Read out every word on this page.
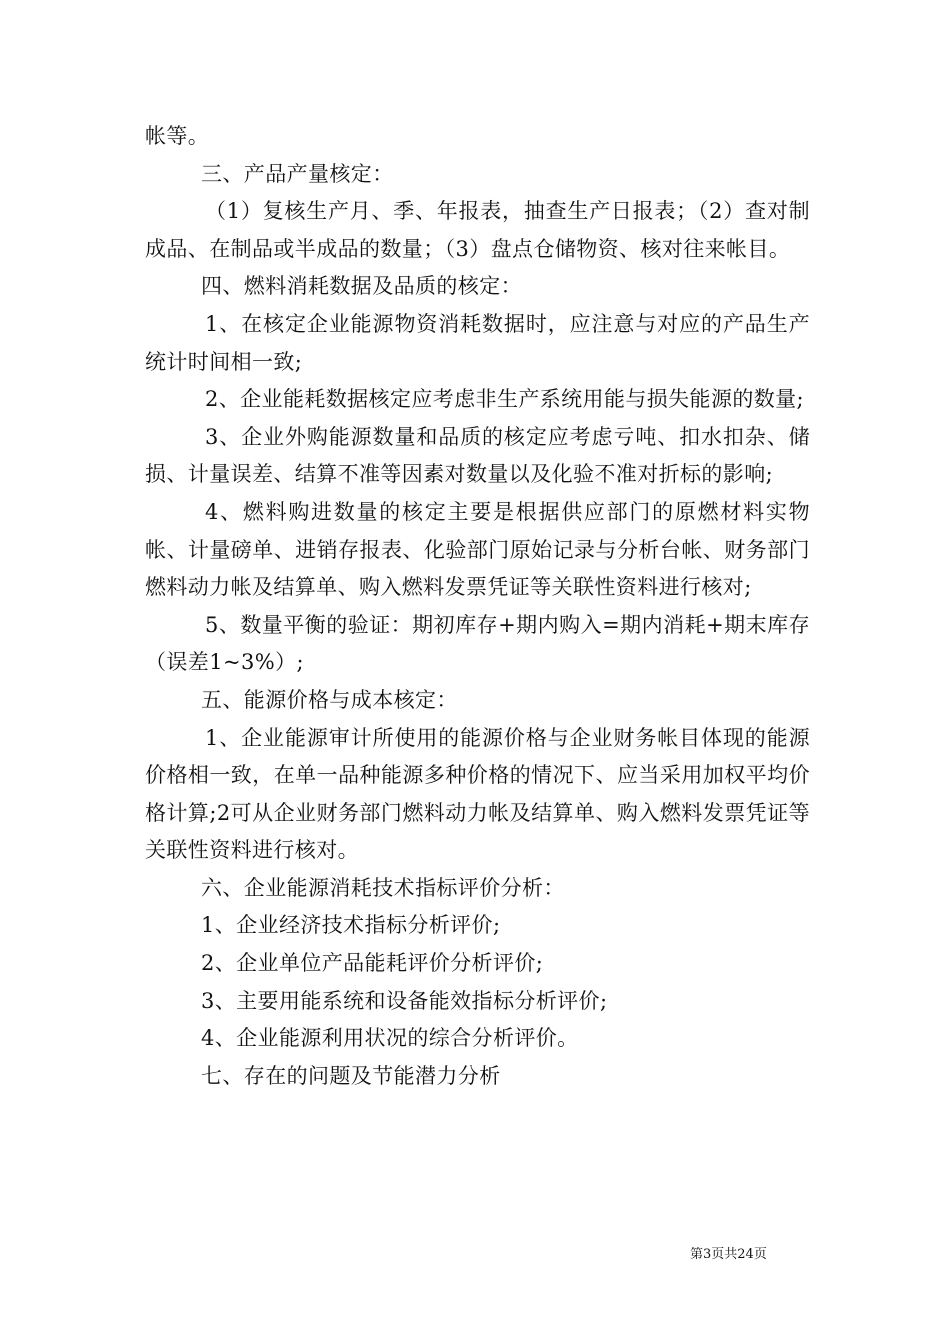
帐等。

三、产品产量核定：

（1）复核生产月、季、年报表，抽查生产日报表；（2）查对制成品、在制品或半成品的数量；（3）盘点仓储物资、核对往来帐目。

四、燃料消耗数据及品质的核定：

1、在核定企业能源物资消耗数据时，应注意与对应的产品生产统计时间相一致;

2、企业能耗数据核定应考虑非生产系统用能与损失能源的数量;

3、企业外购能源数量和品质的核定应考虑亏吨、扣水扣杂、储损、计量误差、结算不准等因素对数量以及化验不准对折标的影响;

4、燃料购进数量的核定主要是根据供应部门的原燃材料实物帐、计量磅单、进销存报表、化验部门原始记录与分析台帐、财务部门燃料动力帐及结算单、购入燃料发票凭证等关联性资料进行核对;

5、数量平衡的验证：期初库存+期内购入=期内消耗+期末库存（误差1~3%）;

五、能源价格与成本核定：

1、企业能源审计所使用的能源价格与企业财务帐目体现的能源价格相一致，在单一品种能源多种价格的情况下、应当采用加权平均价格计算;2可从企业财务部门燃料动力帐及结算单、购入燃料发票凭证等关联性资料进行核对。

六、企业能源消耗技术指标评价分析：

1、企业经济技术指标分析评价;

2、企业单位产品能耗评价分析评价;

3、主要用能系统和设备能效指标分析评价;

4、企业能源利用状况的综合分析评价。

七、存在的问题及节能潜力分析

第3页共24页
